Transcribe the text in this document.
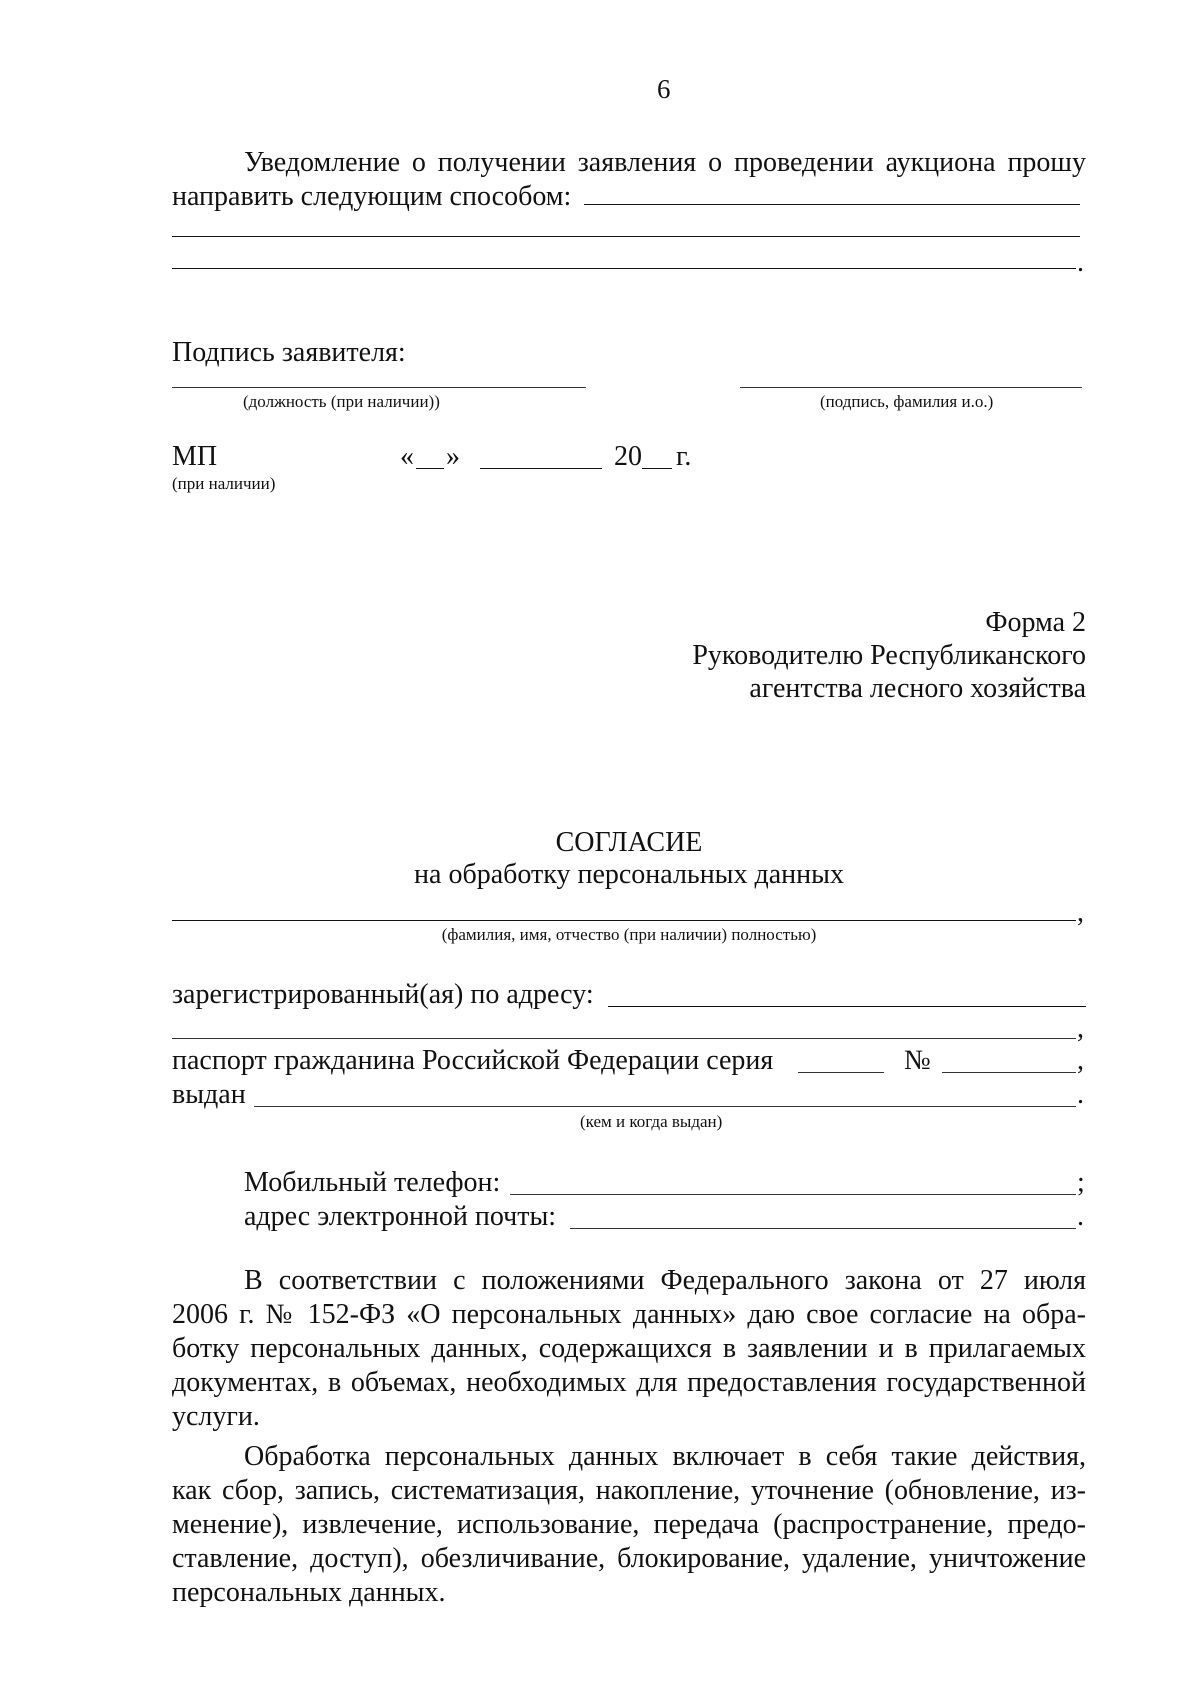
6
Уведомление о получении заявления о проведении аукциона прошу
направить следующим способом:
.
Подпись заявителя:
(должность (при наличии))	(подпись, фамилия и.о.)
МП
(при наличии)
« »	20 г.
Форма 2
Руководителю Республиканского
агентства лесного хозяйства
СОГЛАСИЕ
на обработку персональных данных
,
(фамилия, имя, отчество (при наличии) полностью)
зарегистрированный(ая) по адресу:
,
паспорт гражданина Российской Федерации серия	№	,
выдан	.
(кем и когда выдан)
Мобильный телефон:	;
адрес электронной почты:	.
В соответствии с положениями Федерального закона от 27 июля
2006 г. № 152-ФЗ «О персональных данных» даю свое согласие на обра-
ботку персональных данных, содержащихся в заявлении и в прилагаемых
документах, в объемах, необходимых для предоставления государственной
услуги.
Обработка персональных данных включает в себя такие действия,
как сбор, запись, систематизация, накопление, уточнение (обновление, из-
менение), извлечение, использование, передача (распространение, предо-
ставление, доступ), обезличивание, блокирование, удаление, уничтожение
персональных данных.
